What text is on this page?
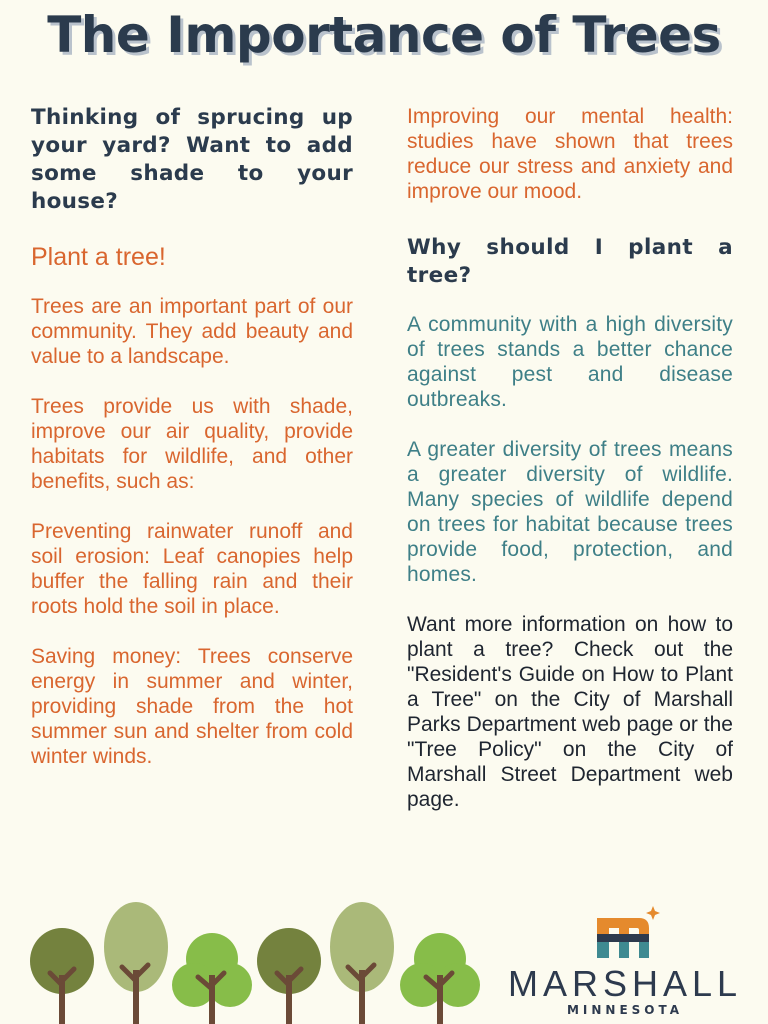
The Importance of Trees

Thinking of sprucing up your yard? Want to add some shade to your house?

Plant a tree!

Trees are an important part of our community. They add beauty and value to a landscape.

Trees provide us with shade, improve our air quality, provide habitats for wildlife, and other benefits, such as:

Preventing rainwater runoff and soil erosion: Leaf canopies help buffer the falling rain and their roots hold the soil in place.

Saving money: Trees conserve energy in summer and winter, providing shade from the hot summer sun and shelter from cold winter winds.

Improving our mental health: studies have shown that trees reduce our stress and anxiety and improve our mood.

Why should I plant a tree?

A community with a high diversity of trees stands a better chance against pest and disease outbreaks.

A greater diversity of trees means a greater diversity of wildlife. Many species of wildlife depend on trees for habitat because trees provide food, protection, and homes.

Want more information on how to plant a tree? Check out the "Resident's Guide on How to Plant a Tree" on the City of Marshall Parks Department web page or the "Tree Policy" on the City of Marshall Street Department web page.

MARSHALL
MINNESOTA
